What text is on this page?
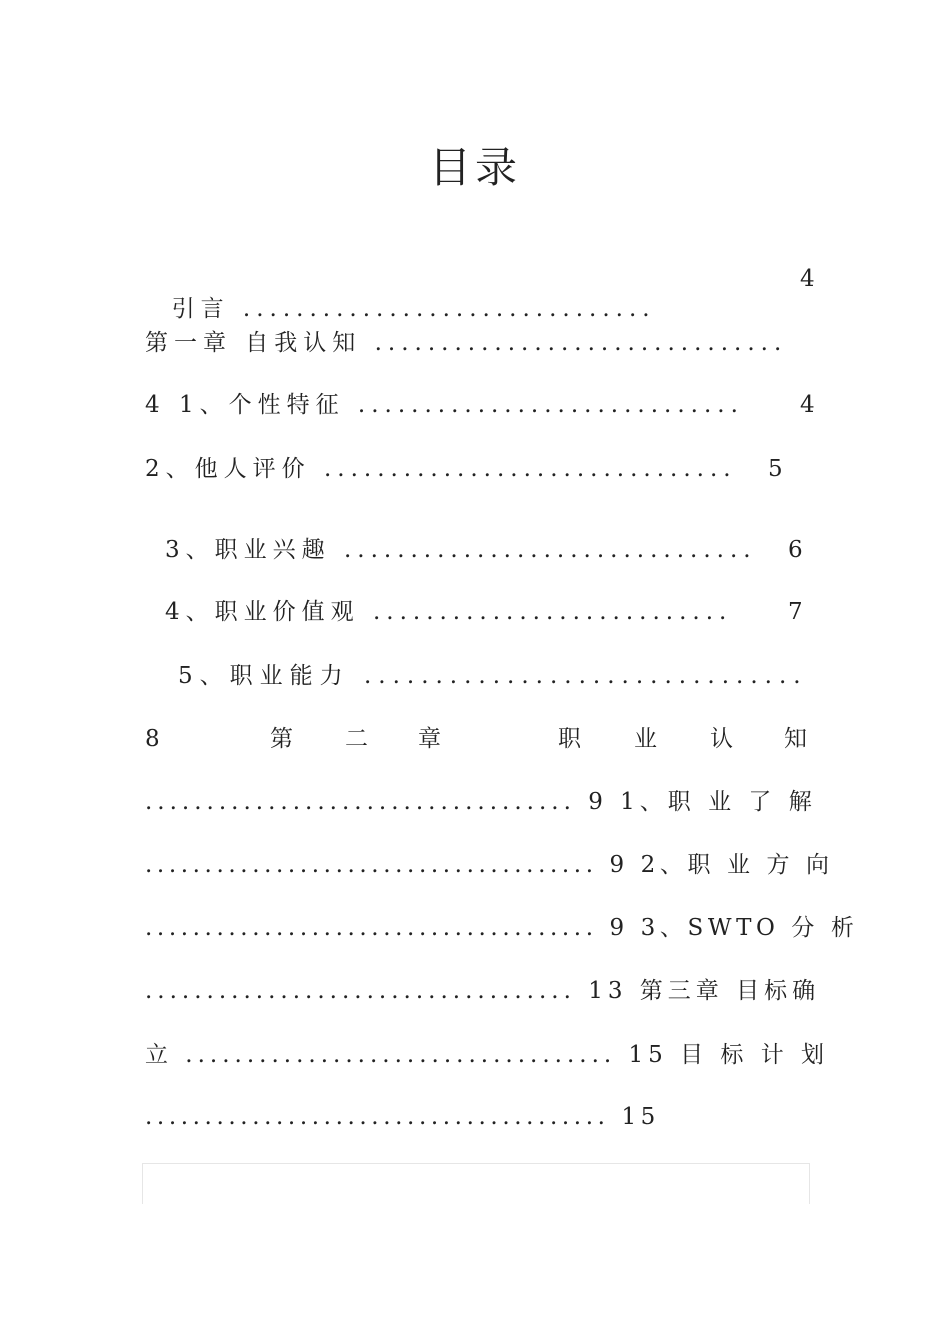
目录

引言 ...............................

4
第一章 自我认知 ...............................
4 1、个性特征 ............................. 4
2、他人评价 ............................... 5
3、职业兴趣 ............................... 6
4、职业价值观 ........................... 7
5、职业能力 ...............................
8	第 二 章	职 业 认 知
................................... 9 1、职 业 了 解
...................................... 9 2、职 业 方 向
...................................... 9 3、SWTO 分 析
................................... 13 第三章 目标确
立 ................................... 15 目 标 计 划
....................................... 15
